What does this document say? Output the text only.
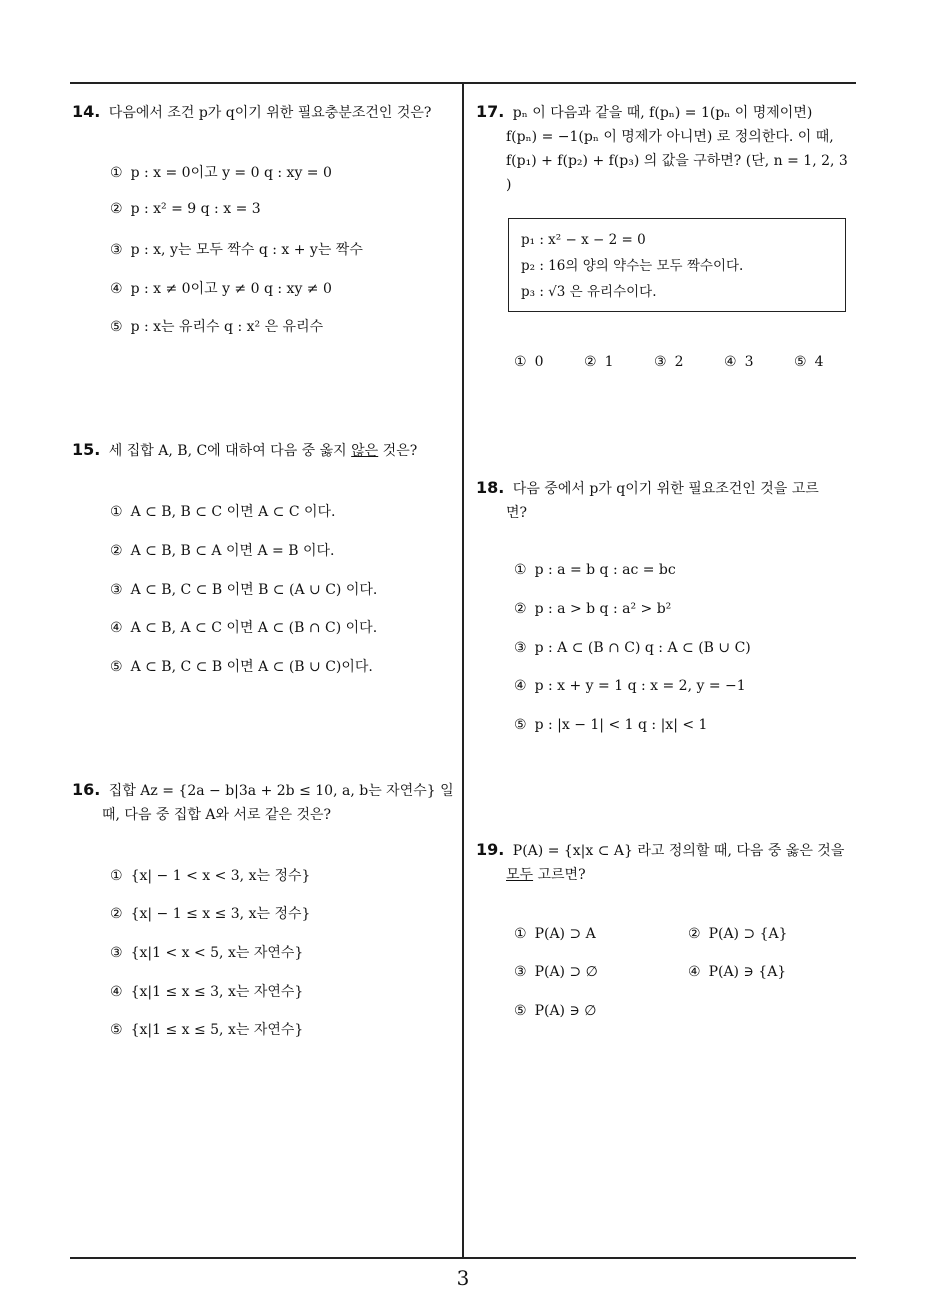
14. 다음에서 조건 p가 q이기 위한 필요충분조건인 것은?
① p : x = 0이고 y = 0 q : xy = 0
② p : x² = 9 q : x = 3
③ p : x, y는 모두 짝수 q : x + y는 짝수
④ p : x ≠ 0이고 y ≠ 0 q : xy ≠ 0
⑤ p : x는 유리수 q : x² 은 유리수
15. 세 집합 A, B, C에 대하여 다음 중 옳지 않은 것은?
① A ⊂ B, B ⊂ C 이면 A ⊂ C 이다.
② A ⊂ B, B ⊂ A 이면 A = B 이다.
③ A ⊂ B, C ⊂ B 이면 B ⊂ (A ∪ C) 이다.
④ A ⊂ B, A ⊂ C 이면 A ⊂ (B ∩ C) 이다.
⑤ A ⊂ B, C ⊂ B 이면 A ⊂ (B ∪ C)이다.
16. 집합 Az = {2a − b|3a + 2b ≤ 10, a, b는 자연수} 일
때, 다음 중 집합 A와 서로 같은 것은?
① {x| − 1 < x < 3, x는 정수}
② {x| − 1 ≤ x ≤ 3, x는 정수}
③ {x|1 < x < 5, x는 자연수}
④ {x|1 ≤ x ≤ 3, x는 자연수}
⑤ {x|1 ≤ x ≤ 5, x는 자연수}
17. pₙ 이 다음과 같을 때, f(pₙ) = 1(pₙ 이 명제이면)
f(pₙ) = −1(pₙ 이 명제가 아니면) 로 정의한다. 이 때,
f(p₁) + f(p₂) + f(p₃) 의 값을 구하면? (단, n = 1, 2, 3
)
p₁ : x² − x − 2 = 0
p₂ : 16의 양의 약수는 모두 짝수이다.
p₃ : √3 은 유리수이다.
① 0	② 1	③ 2	④ 3	⑤ 4
18. 다음 중에서 p가 q이기 위한 필요조건인 것을 고르
면?
① p : a = b q : ac = bc
② p : a > b q : a² > b²
③ p : A ⊂ (B ∩ C) q : A ⊂ (B ∪ C)
④ p : x + y = 1 q : x = 2, y = −1
⑤ p : |x − 1| < 1 q : |x| < 1
19. P(A) = {x|x ⊂ A} 라고 정의할 때, 다음 중 옳은 것을
모두 고르면?
① P(A) ⊃ A	② P(A) ⊃ {A}
③ P(A) ⊃ ∅	④ P(A) ∋ {A}
⑤ P(A) ∋ ∅
3
